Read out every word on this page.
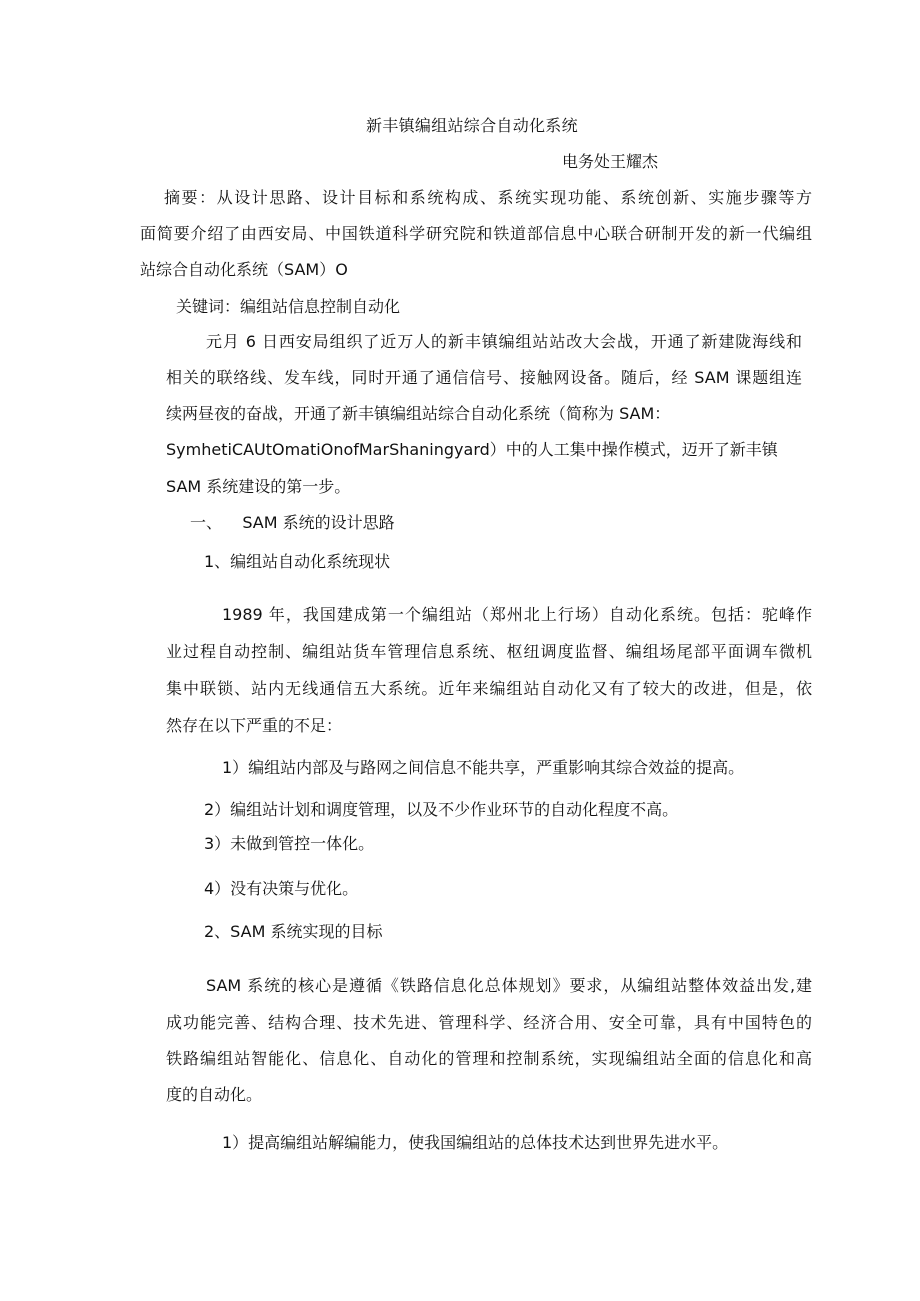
新丰镇编组站综合自动化系统
电务处王耀杰
摘要：从设计思路、设计目标和系统构成、系统实现功能、系统创新、实施步骤等方
面简要介绍了由西安局、中国铁道科学研究院和铁道部信息中心联合研制开发的新一代编组
站综合自动化系统（SAM）O
关键词：编组站信息控制自动化
元月 6 日西安局组织了近万人的新丰镇编组站站改大会战，开通了新建陇海线和
相关的联络线、发车线，同时开通了通信信号、接触网设备。随后，经 SAM 课题组连
续两昼夜的奋战，开通了新丰镇编组站综合自动化系统（简称为 SAM：
SymhetiCAUtOmatiOnofMarShaningyard）中的人工集中操作模式，迈开了新丰镇
SAM 系统建设的第一步。
一、    SAM 系统的设计思路
1、编组站自动化系统现状
1989 年，我国建成第一个编组站（郑州北上行场）自动化系统。包括：驼峰作
业过程自动控制、编组站货车管理信息系统、枢纽调度监督、编组场尾部平面调车微机
集中联锁、站内无线通信五大系统。近年来编组站自动化又有了较大的改进，但是，依
然存在以下严重的不足：
1）编组站内部及与路网之间信息不能共享，严重影响其综合效益的提高。
2）编组站计划和调度管理，以及不少作业环节的自动化程度不高。
3）未做到管控一体化。
4）没有决策与优化。
2、SAM 系统实现的目标
SAM 系统的核心是遵循《铁路信息化总体规划》要求，从编组站整体效益出发,建
成功能完善、结构合理、技术先进、管理科学、经济合用、安全可靠，具有中国特色的
铁路编组站智能化、信息化、自动化的管理和控制系统，实现编组站全面的信息化和高
度的自动化。
1）提高编组站解编能力，使我国编组站的总体技术达到世界先进水平。
